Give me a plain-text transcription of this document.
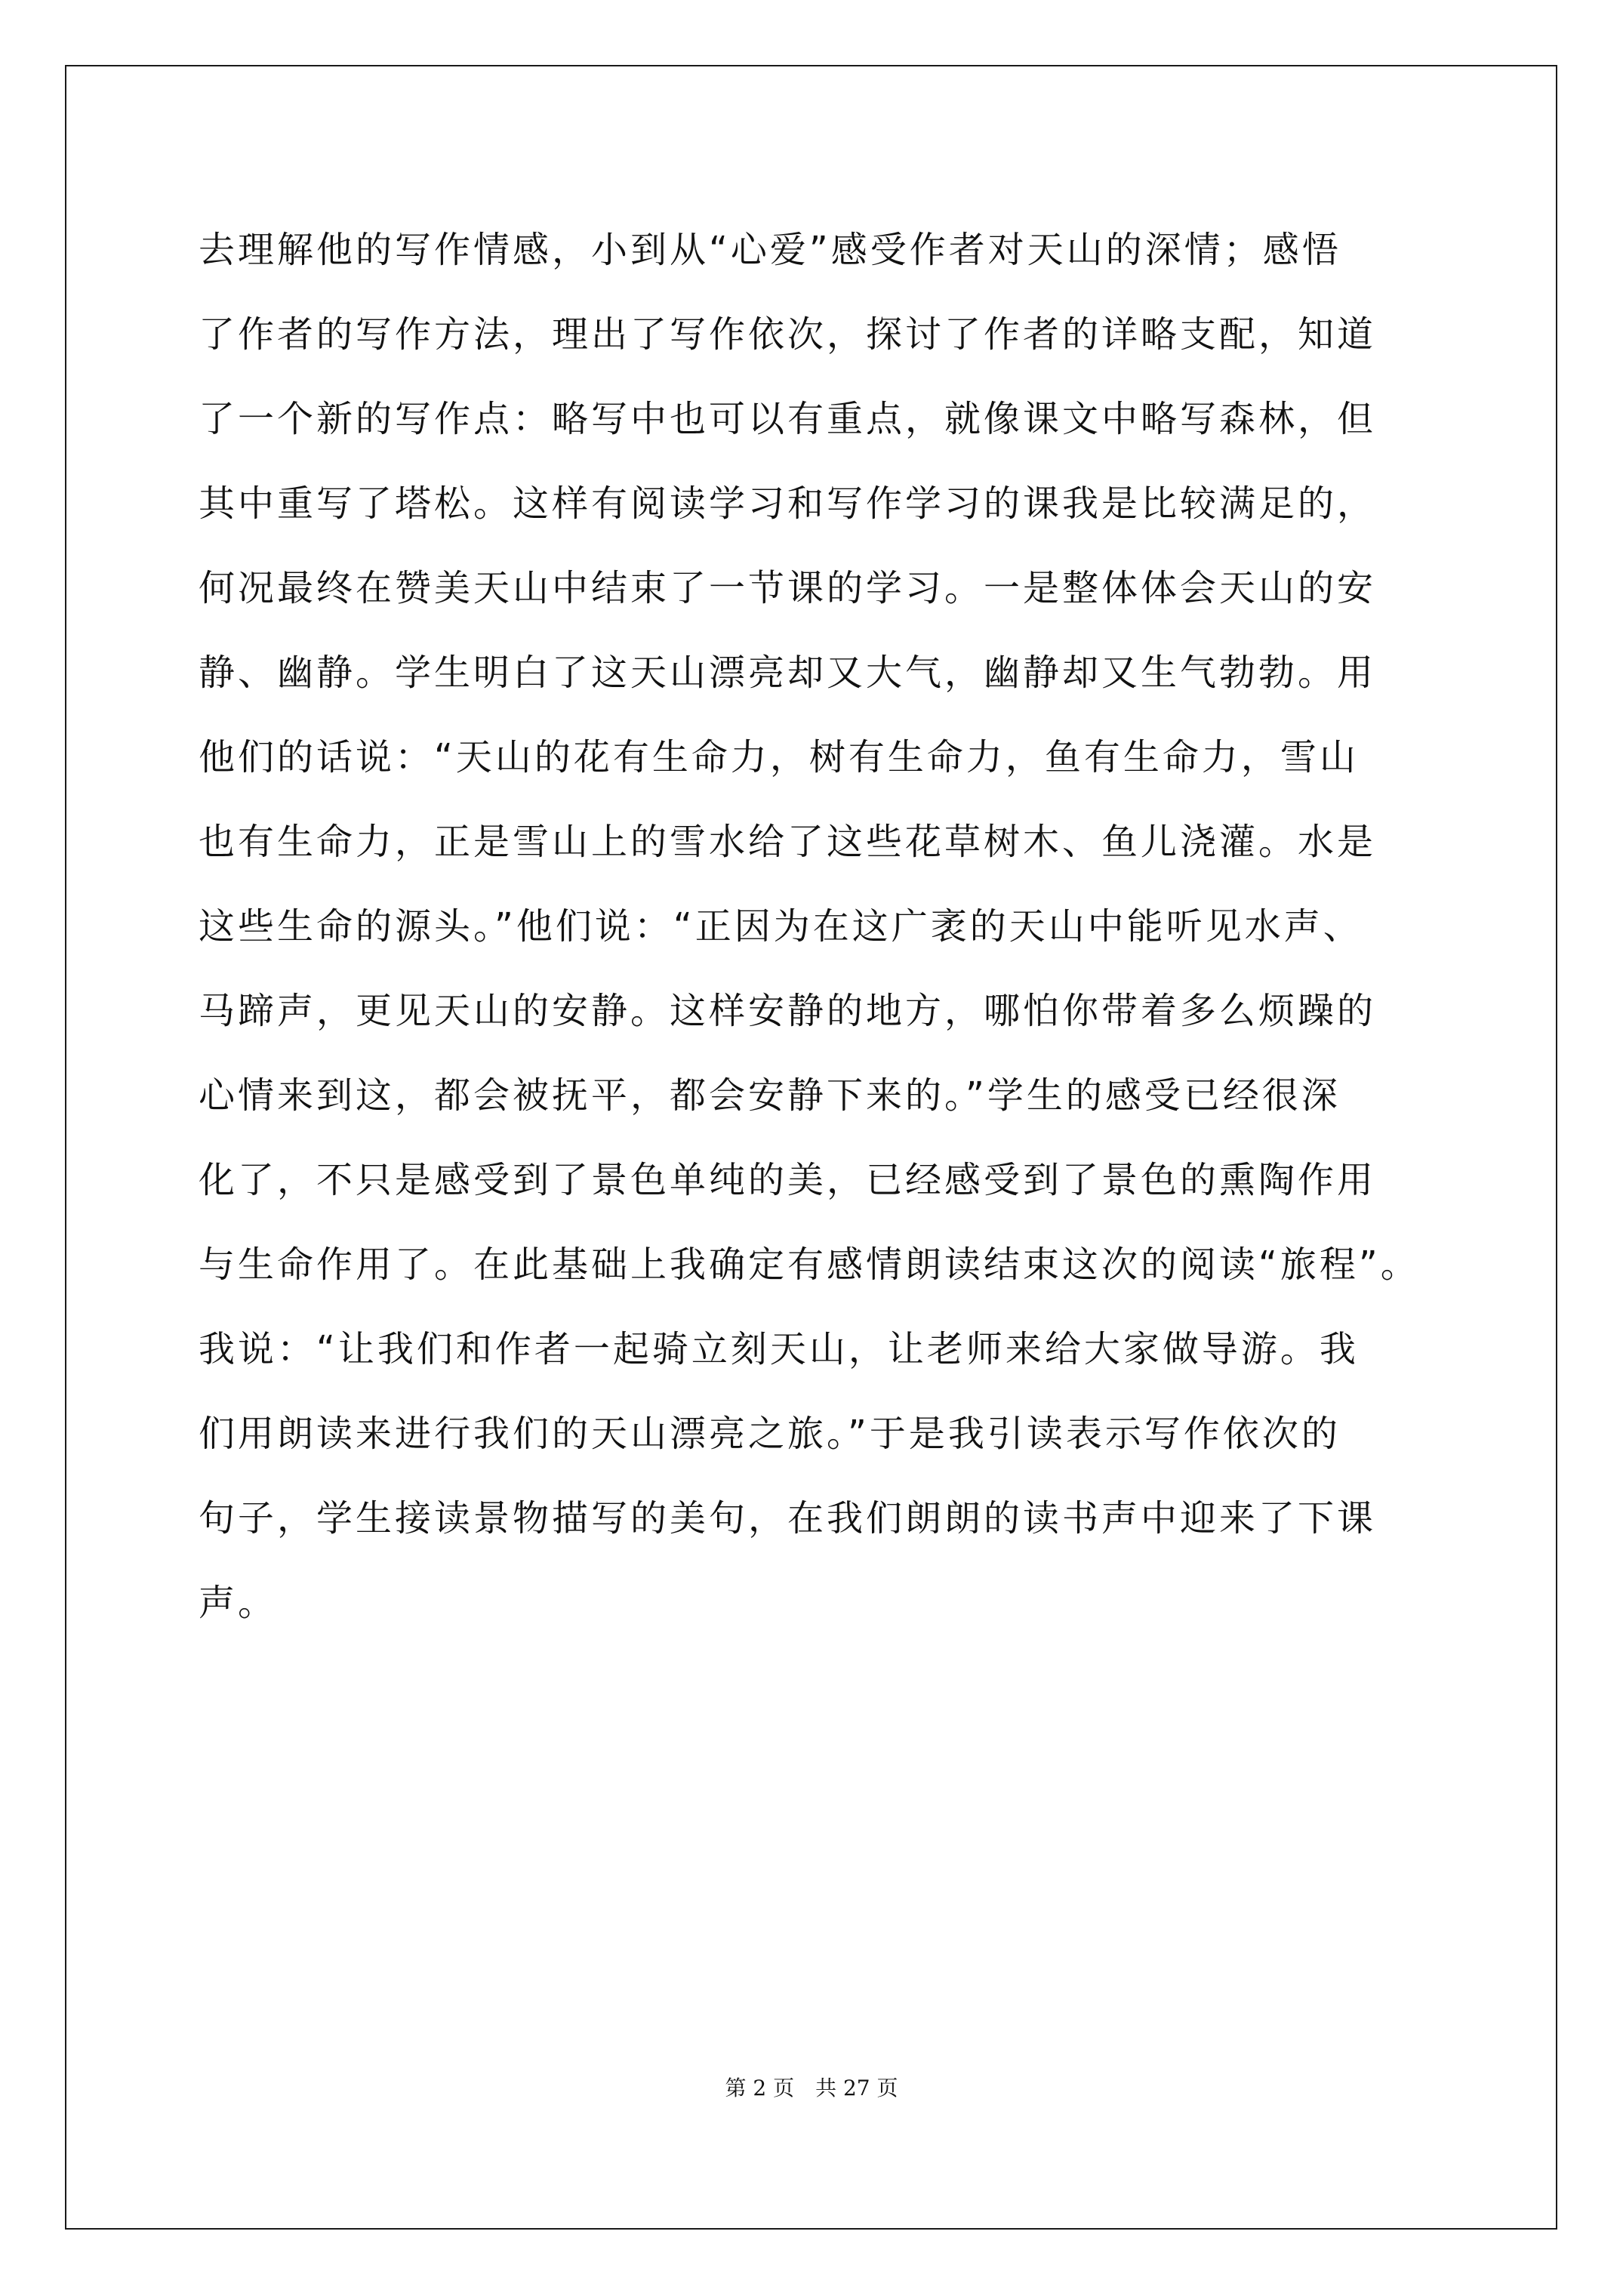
去理解他的写作情感，小到从“心爱”感受作者对天山的深情；感悟
了作者的写作方法，理出了写作依次，探讨了作者的详略支配，知道
了一个新的写作点：略写中也可以有重点，就像课文中略写森林，但
其中重写了塔松。这样有阅读学习和写作学习的课我是比较满足的，
何况最终在赞美天山中结束了一节课的学习。一是整体体会天山的安
静、幽静。学生明白了这天山漂亮却又大气，幽静却又生气勃勃。用
他们的话说：“天山的花有生命力，树有生命力，鱼有生命力，雪山
也有生命力，正是雪山上的雪水给了这些花草树木、鱼儿浇灌。水是
这些生命的源头。”他们说：“正因为在这广袤的天山中能听见水声、
马蹄声，更见天山的安静。这样安静的地方，哪怕你带着多么烦躁的
心情来到这，都会被抚平，都会安静下来的。”学生的感受已经很深
化了，不只是感受到了景色单纯的美，已经感受到了景色的熏陶作用
与生命作用了。在此基础上我确定有感情朗读结束这次的阅读“旅程”。
我说：“让我们和作者一起骑立刻天山，让老师来给大家做导游。我
们用朗读来进行我们的天山漂亮之旅。”于是我引读表示写作依次的
句子，学生接读景物描写的美句，在我们朗朗的读书声中迎来了下课
声。
第 2 页　共 27 页
